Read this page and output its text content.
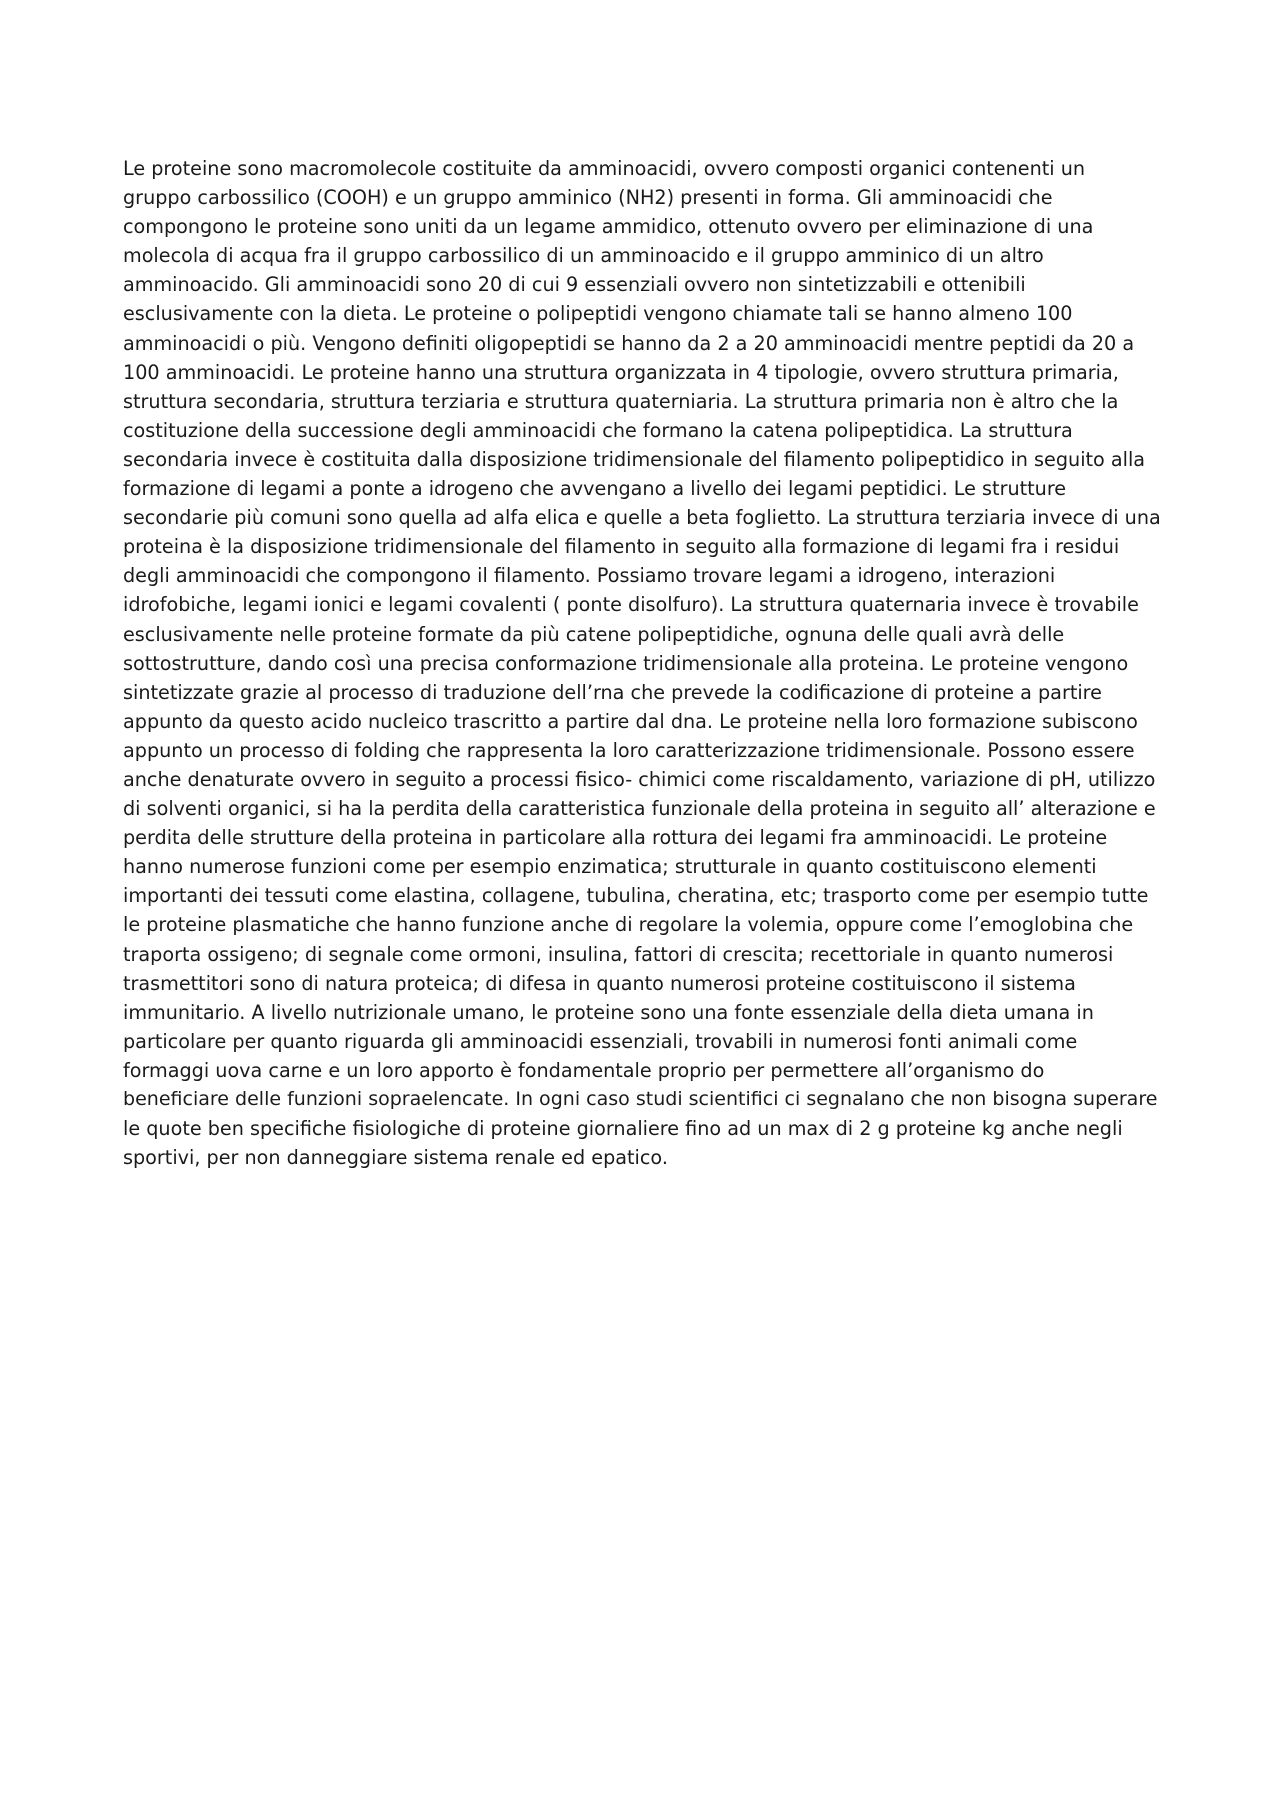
Le proteine sono macromolecole costituite da amminoacidi, ovvero composti organici contenenti un
gruppo carbossilico (COOH) e un gruppo amminico (NH2) presenti in forma. Gli amminoacidi che
compongono le proteine sono uniti da un legame ammidico, ottenuto ovvero per eliminazione di una
molecola di acqua fra il gruppo carbossilico di un amminoacido e il gruppo amminico di un altro
amminoacido. Gli amminoacidi sono 20 di cui 9 essenziali ovvero non sintetizzabili e ottenibili
esclusivamente con la dieta. Le proteine o polipeptidi vengono chiamate tali se hanno almeno 100
amminoacidi o più. Vengono definiti oligopeptidi se hanno da 2 a 20 amminoacidi mentre peptidi da 20 a
100 amminoacidi. Le proteine hanno una struttura organizzata in 4 tipologie, ovvero struttura primaria,
struttura secondaria, struttura terziaria e struttura quaterniaria. La struttura primaria non è altro che la
costituzione della successione degli amminoacidi che formano la catena polipeptidica. La struttura
secondaria invece è costituita dalla disposizione tridimensionale del filamento polipeptidico in seguito alla
formazione di legami a ponte a idrogeno che avvengano a livello dei legami peptidici. Le strutture
secondarie più comuni sono quella ad alfa elica e quelle a beta foglietto. La struttura terziaria invece di una
proteina è la disposizione tridimensionale del filamento in seguito alla formazione di legami fra i residui
degli amminoacidi che compongono il filamento. Possiamo trovare legami a idrogeno, interazioni
idrofobiche, legami ionici e legami covalenti ( ponte disolfuro). La struttura quaternaria invece è trovabile
esclusivamente nelle proteine formate da più catene polipeptidiche, ognuna delle quali avrà delle
sottostrutture, dando così una precisa conformazione tridimensionale alla proteina. Le proteine vengono
sintetizzate grazie al processo di traduzione dell’rna che prevede la codificazione di proteine a partire
appunto da questo acido nucleico trascritto a partire dal dna. Le proteine nella loro formazione subiscono
appunto un processo di folding che rappresenta la loro caratterizzazione tridimensionale. Possono essere
anche denaturate ovvero in seguito a processi fisico- chimici come riscaldamento, variazione di pH, utilizzo
di solventi organici, si ha la perdita della caratteristica funzionale della proteina in seguito all’ alterazione e
perdita delle strutture della proteina in particolare alla rottura dei legami fra amminoacidi. Le proteine
hanno numerose funzioni come per esempio enzimatica; strutturale in quanto costituiscono elementi
importanti dei tessuti come elastina, collagene, tubulina, cheratina, etc; trasporto come per esempio tutte
le proteine plasmatiche che hanno funzione anche di regolare la volemia, oppure come l’emoglobina che
traporta ossigeno; di segnale come ormoni, insulina, fattori di crescita; recettoriale in quanto numerosi
trasmettitori sono di natura proteica; di difesa in quanto numerosi proteine costituiscono il sistema
immunitario. A livello nutrizionale umano, le proteine sono una fonte essenziale della dieta umana in
particolare per quanto riguarda gli amminoacidi essenziali, trovabili in numerosi fonti animali come
formaggi uova carne e un loro apporto è fondamentale proprio per permettere all’organismo do
beneficiare delle funzioni sopraelencate. In ogni caso studi scientifici ci segnalano che non bisogna superare
le quote ben specifiche fisiologiche di proteine giornaliere fino ad un max di 2 g proteine kg anche negli
sportivi, per non danneggiare sistema renale ed epatico.
